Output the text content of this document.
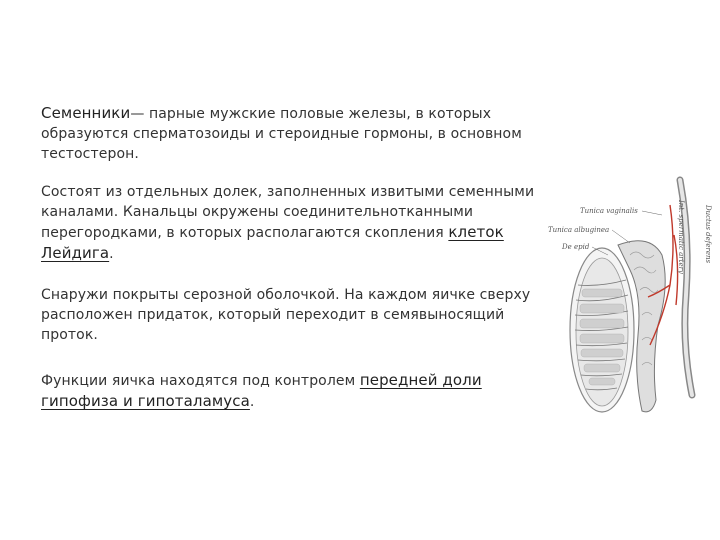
Семенники— парные мужские половые железы, в которых образуются сперматозоиды и стероидные гормоны, в основном тестостерон.

Состоят из отдельных долек, заполненных извитыми семенными каналами. Канальцы окружены соединительнотканными перегородками, в которых располагаются скопления клеток Лейдига.

Снаружи покрыты серозной оболочкой. На каждом яичке сверху расположен придаток, который переходит в семявыносящий проток.

Функции яичка находятся под контролем передней доли гипофиза и гипоталамуса.

Tunica vaginalis
Tunica albuginea
De epid	Ductus deferens
Int. spermatic artery
